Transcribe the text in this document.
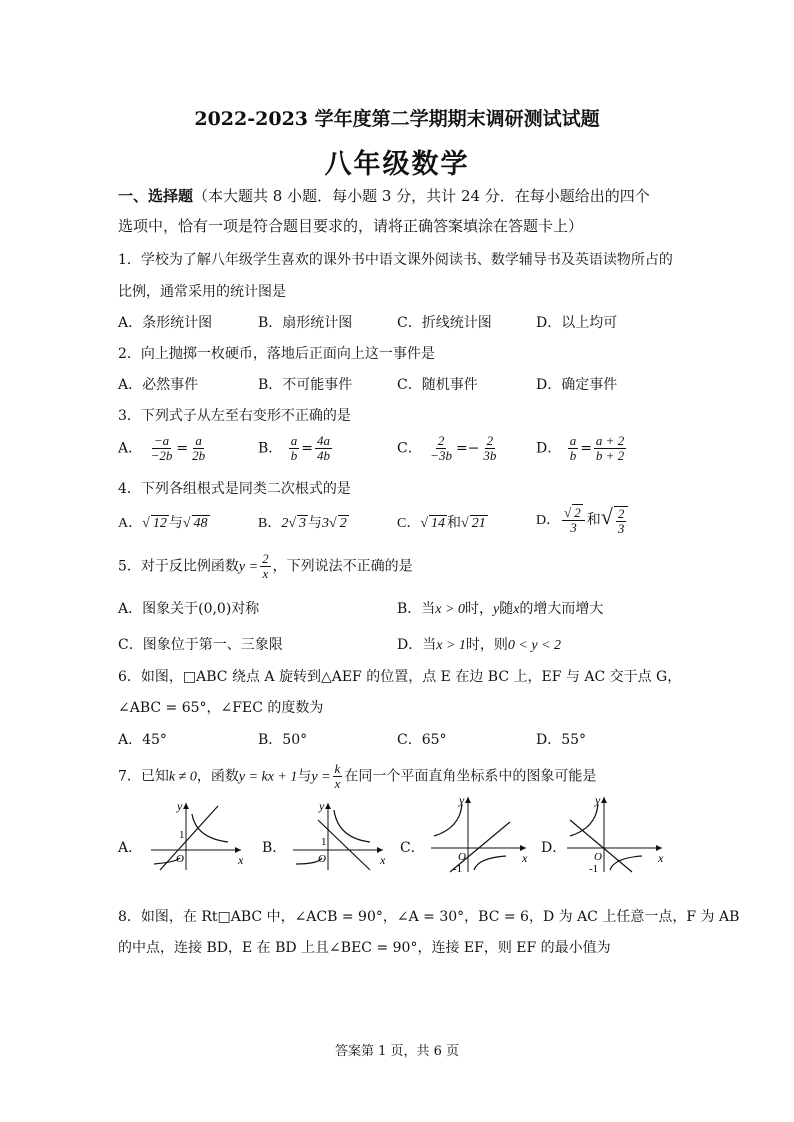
2022-2023 学年度第二学期期末调研测试试题
八年级数学
一、选择题（本大题共 8 小题．每小题 3 分，共计 24 分．在每小题给出的四个
选项中，恰有一项是符合题目要求的，请将正确答案填涂在答题卡上）
1．学校为了解八年级学生喜欢的课外书中语文课外阅读书、数学辅导书及英语读物所占的
比例，通常采用的统计图是
A．条形统计图	B．扇形统计图	C．折线统计图	D．以上均可
2．向上抛掷一枚硬币，落地后正面向上这一事件是
A．必然事件	B．不可能事件	C．随机事件	D．确定事件
3．下列式子从左至右变形不正确的是
A． $\frac{-a}{-2b} = \frac{a}{2b}$	B． $\frac{a}{b} = \frac{4a}{4b}$	C． $\frac{2}{-3b} =- \frac{2}{3b}$	D． $\frac{a}{b} = \frac{a + 2}{b + 2}$
4．下列各组根式是同类二次根式的是
A．√ 12 与√ 48	B．2√ 3 与3√ 2	C．√ 14 和√ 21	D． $\frac{√ 2}{3}$ 和√ $\frac{2}{3}$
5．对于反比例函数$y = \frac{2}{x}$ ，下列说法不正确的是
A．图象关于(0,0)对称	B．当x > 0时，y随x的增大而增大
C．图象位于第一、三象限	D．当x > 1时，则0 < y < 2
6．如图，□ABC 绕点 A 旋转到△AEF 的位置，点 E 在边 BC 上，EF 与 AC 交于点 G，
∠ABC = 65°，∠FEC 的度数为
A．45°	B．50°	C．65°	D．55°
7．已知k ≠ 0，函数y = kx + 1与$y = \frac{k}{x}$ 在同一个平面直角坐标系中的图象可能是
A．	B．	C．	D．
y
x
O
1
y
x
O
1
y
x
O
-1
y
x
O
-1
8．如图，在 Rt□ABC 中，∠ACB = 90°，∠A = 30°，BC = 6，D 为 AC 上任意一点，F 为 AB
的中点，连接 BD，E 在 BD 上且∠BEC = 90°，连接 EF，则 EF 的最小值为
答案第 1 页，共 6 页
